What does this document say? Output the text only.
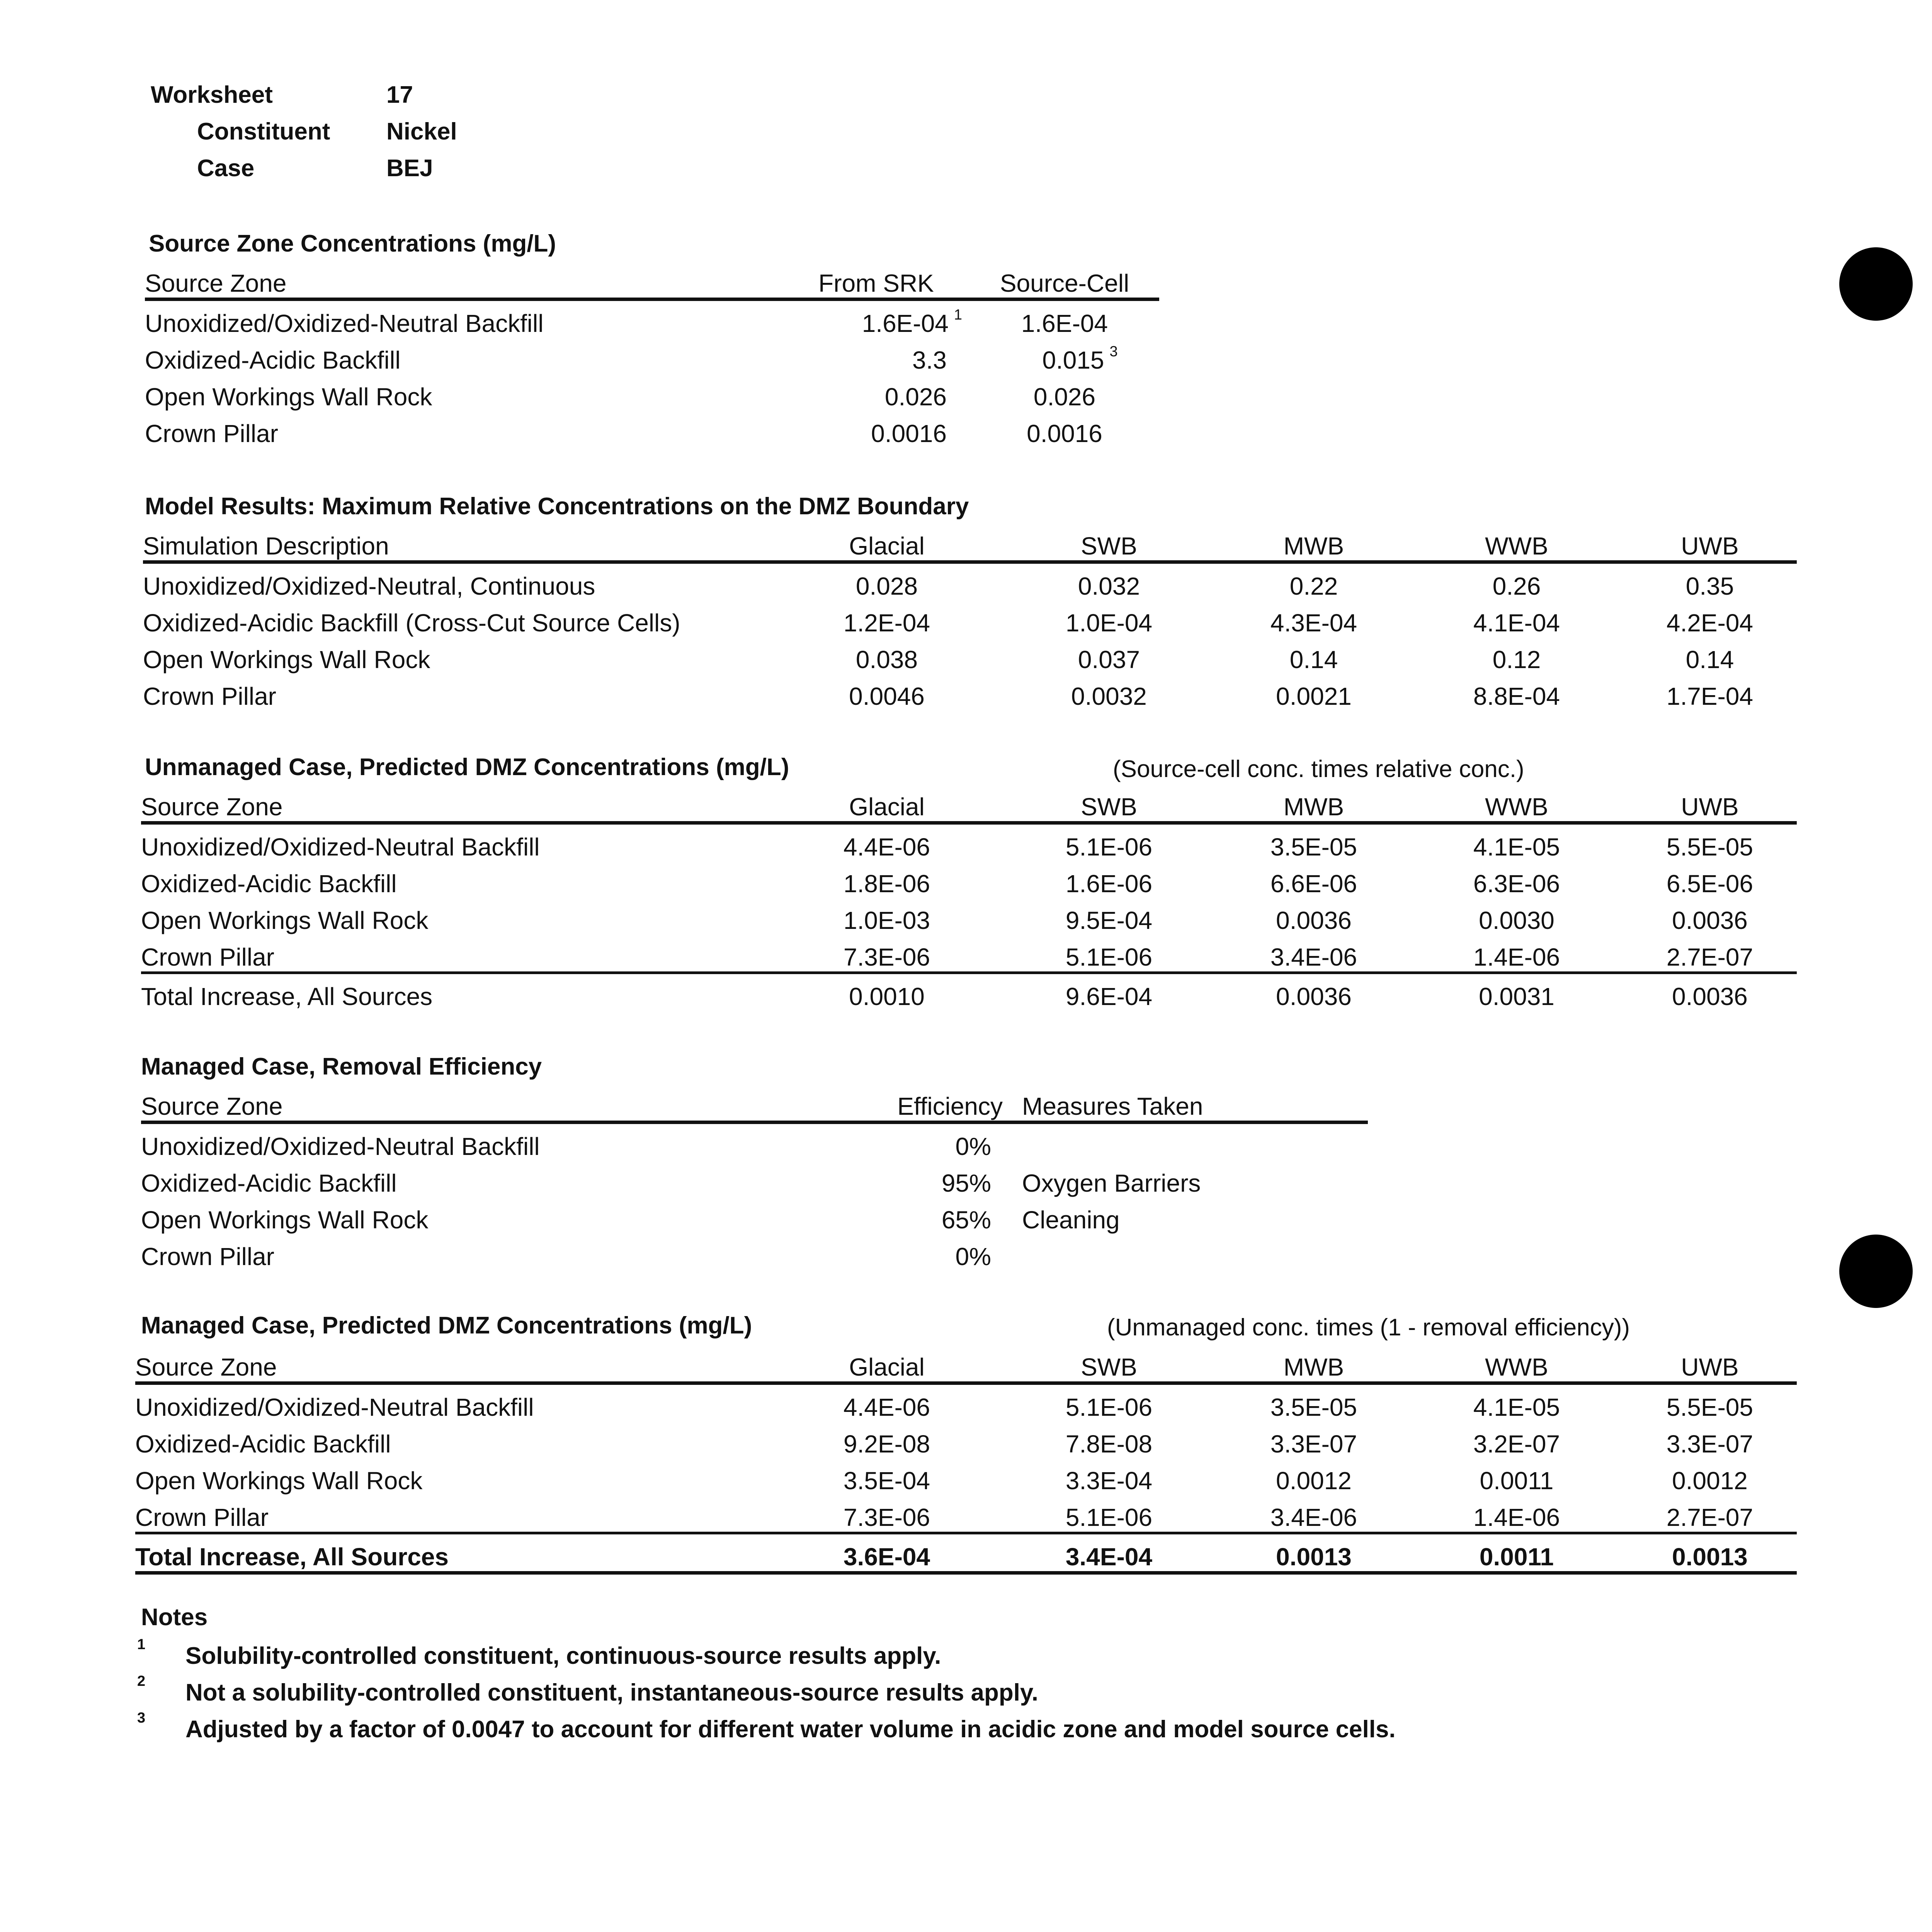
Worksheet	17
Constituent Nickel
Case	BEJ
Source Zone Concentrations (mg/L)
Source Zone	From SRK	Source-Cell
Unoxidized/Oxidized-Neutral Backfill	1.6E-04 $^1$	1.6E-04
Oxidized-Acidic Backfill	3.3	0.015 $^3$
Open Workings Wall Rock	0.026	0.026
Crown Pillar	0.0016	0.0016
Model Results: Maximum Relative Concentrations on the DMZ Boundary
Simulation Description	Glacial	SWB	MWB	WWB	UWB
Unoxidized/Oxidized-Neutral, Continuous	0.028	0.032	0.22	0.26	0.35
Oxidized-Acidic Backfill (Cross-Cut Source Cells)	1.2E-04	1.0E-04	4.3E-04	4.1E-04	4.2E-04
Open Workings Wall Rock	0.038	0.037	0.14	0.12	0.14
Crown Pillar	0.0046	0.0032	0.0021	8.8E-04	1.7E-04
Unmanaged Case, Predicted DMZ Concentrations (mg/L)	(Source-cell conc. times relative conc.)
Source Zone	Glacial	SWB	MWB	WWB	UWB
Unoxidized/Oxidized-Neutral Backfill	4.4E-06	5.1E-06	3.5E-05	4.1E-05	5.5E-05
Oxidized-Acidic Backfill	1.8E-06	1.6E-06	6.6E-06	6.3E-06	6.5E-06
Open Workings Wall Rock	1.0E-03	9.5E-04	0.0036	0.0030	0.0036
Crown Pillar	7.3E-06	5.1E-06	3.4E-06	1.4E-06	2.7E-07
Total Increase, All Sources	0.0010	9.6E-04	0.0036	0.0031	0.0036
Managed Case, Removal Efficiency
Source Zone	Efficiency	Measures Taken
Unoxidized/Oxidized-Neutral Backfill	0%	
Oxidized-Acidic Backfill	95%	Oxygen Barriers
Open Workings Wall Rock	65%	Cleaning
Crown Pillar	0%	
Managed Case, Predicted DMZ Concentrations (mg/L)	(Unmanaged conc. times (1 - removal efficiency))
Source Zone	Glacial	SWB	MWB	WWB	UWB
Unoxidized/Oxidized-Neutral Backfill	4.4E-06	5.1E-06	3.5E-05	4.1E-05	5.5E-05
Oxidized-Acidic Backfill	9.2E-08	7.8E-08	3.3E-07	3.2E-07	3.3E-07
Open Workings Wall Rock	3.5E-04	3.3E-04	0.0012	0.0011	0.0012
Crown Pillar	7.3E-06	5.1E-06	3.4E-06	1.4E-06	2.7E-07
Total Increase, All Sources	3.6E-04	3.4E-04	0.0013	0.0011	0.0013
Notes
1 Solubility-controlled constituent, continuous-source results apply.
2 Not a solubility-controlled constituent, instantaneous-source results apply.
3 Adjusted by a factor of 0.0047 to account for different water volume in acidic zone and model source cells.
